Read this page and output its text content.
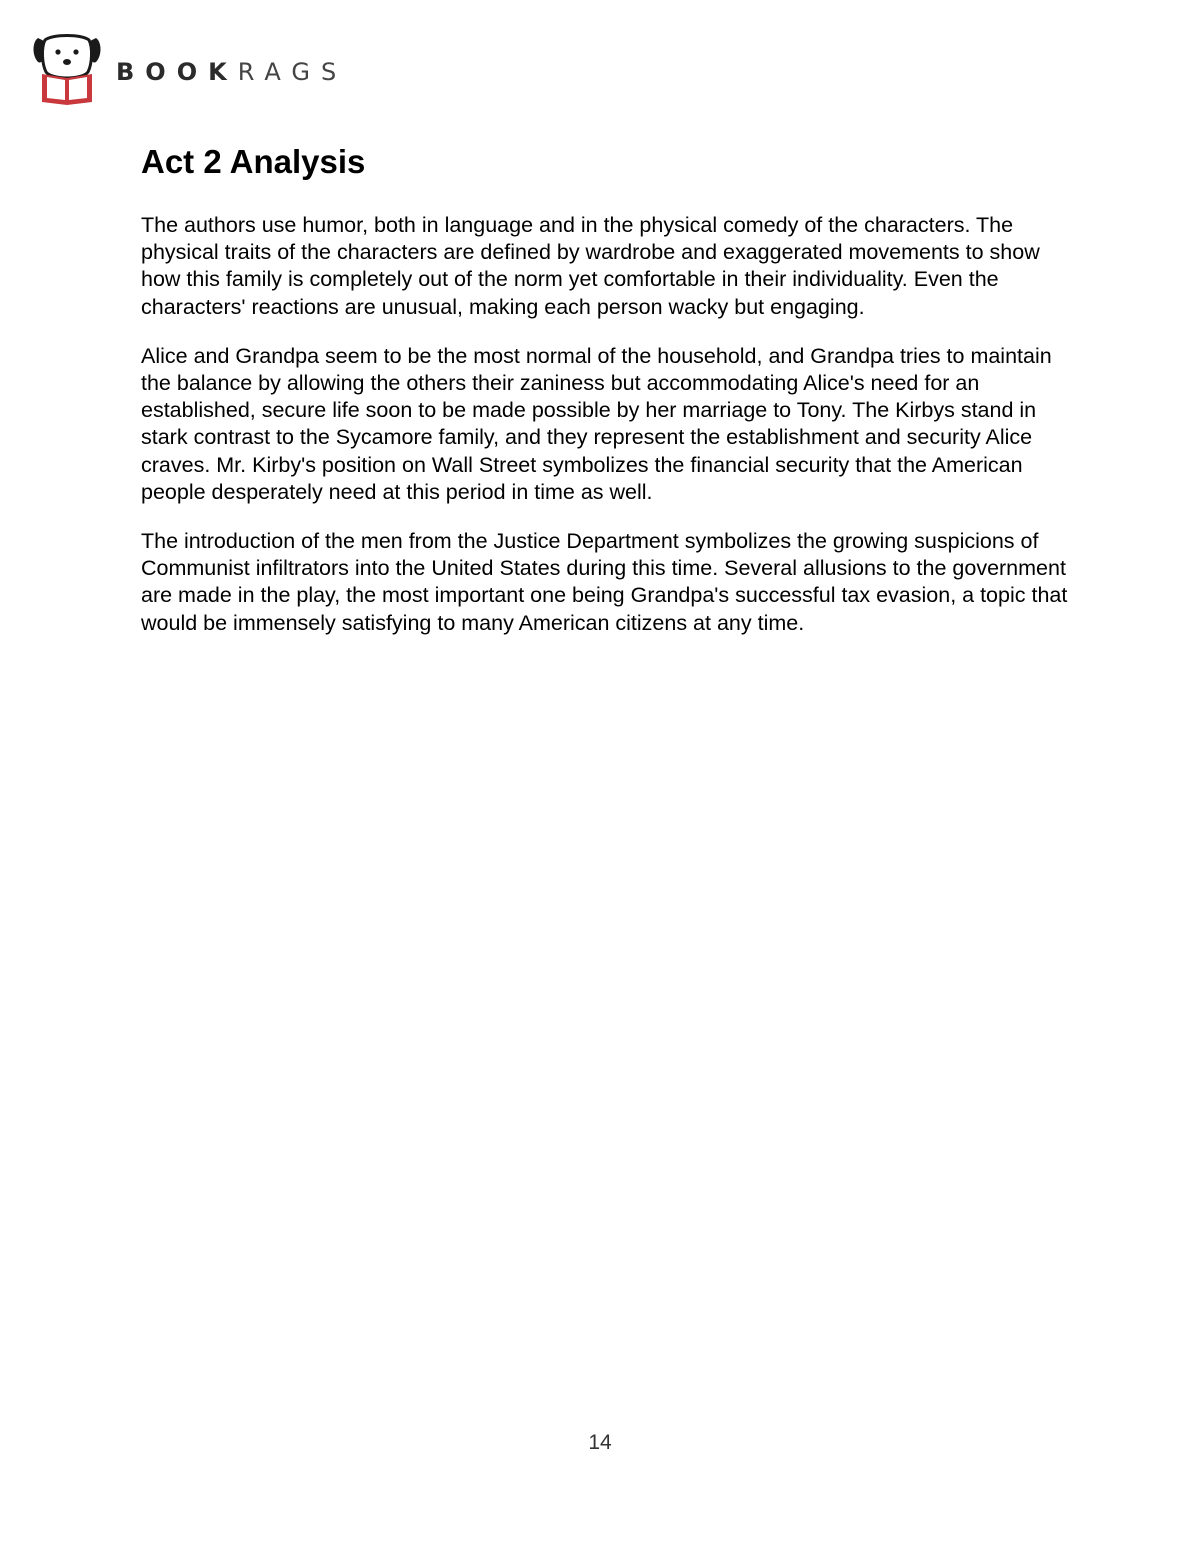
BOOKRAGS
Act 2 Analysis

The authors use humor, both in language and in the physical comedy of the characters. The physical traits of the characters are defined by wardrobe and exaggerated movements to show how this family is completely out of the norm yet comfortable in their individuality. Even the characters' reactions are unusual, making each person wacky but engaging.

Alice and Grandpa seem to be the most normal of the household, and Grandpa tries to maintain the balance by allowing the others their zaniness but accommodating Alice's need for an established, secure life soon to be made possible by her marriage to Tony. The Kirbys stand in stark contrast to the Sycamore family, and they represent the establishment and security Alice craves. Mr. Kirby's position on Wall Street symbolizes the financial security that the American people desperately need at this period in time as well.

The introduction of the men from the Justice Department symbolizes the growing suspicions of Communist infiltrators into the United States during this time. Several allusions to the government are made in the play, the most important one being Grandpa's successful tax evasion, a topic that would be immensely satisfying to many American citizens at any time.

14
